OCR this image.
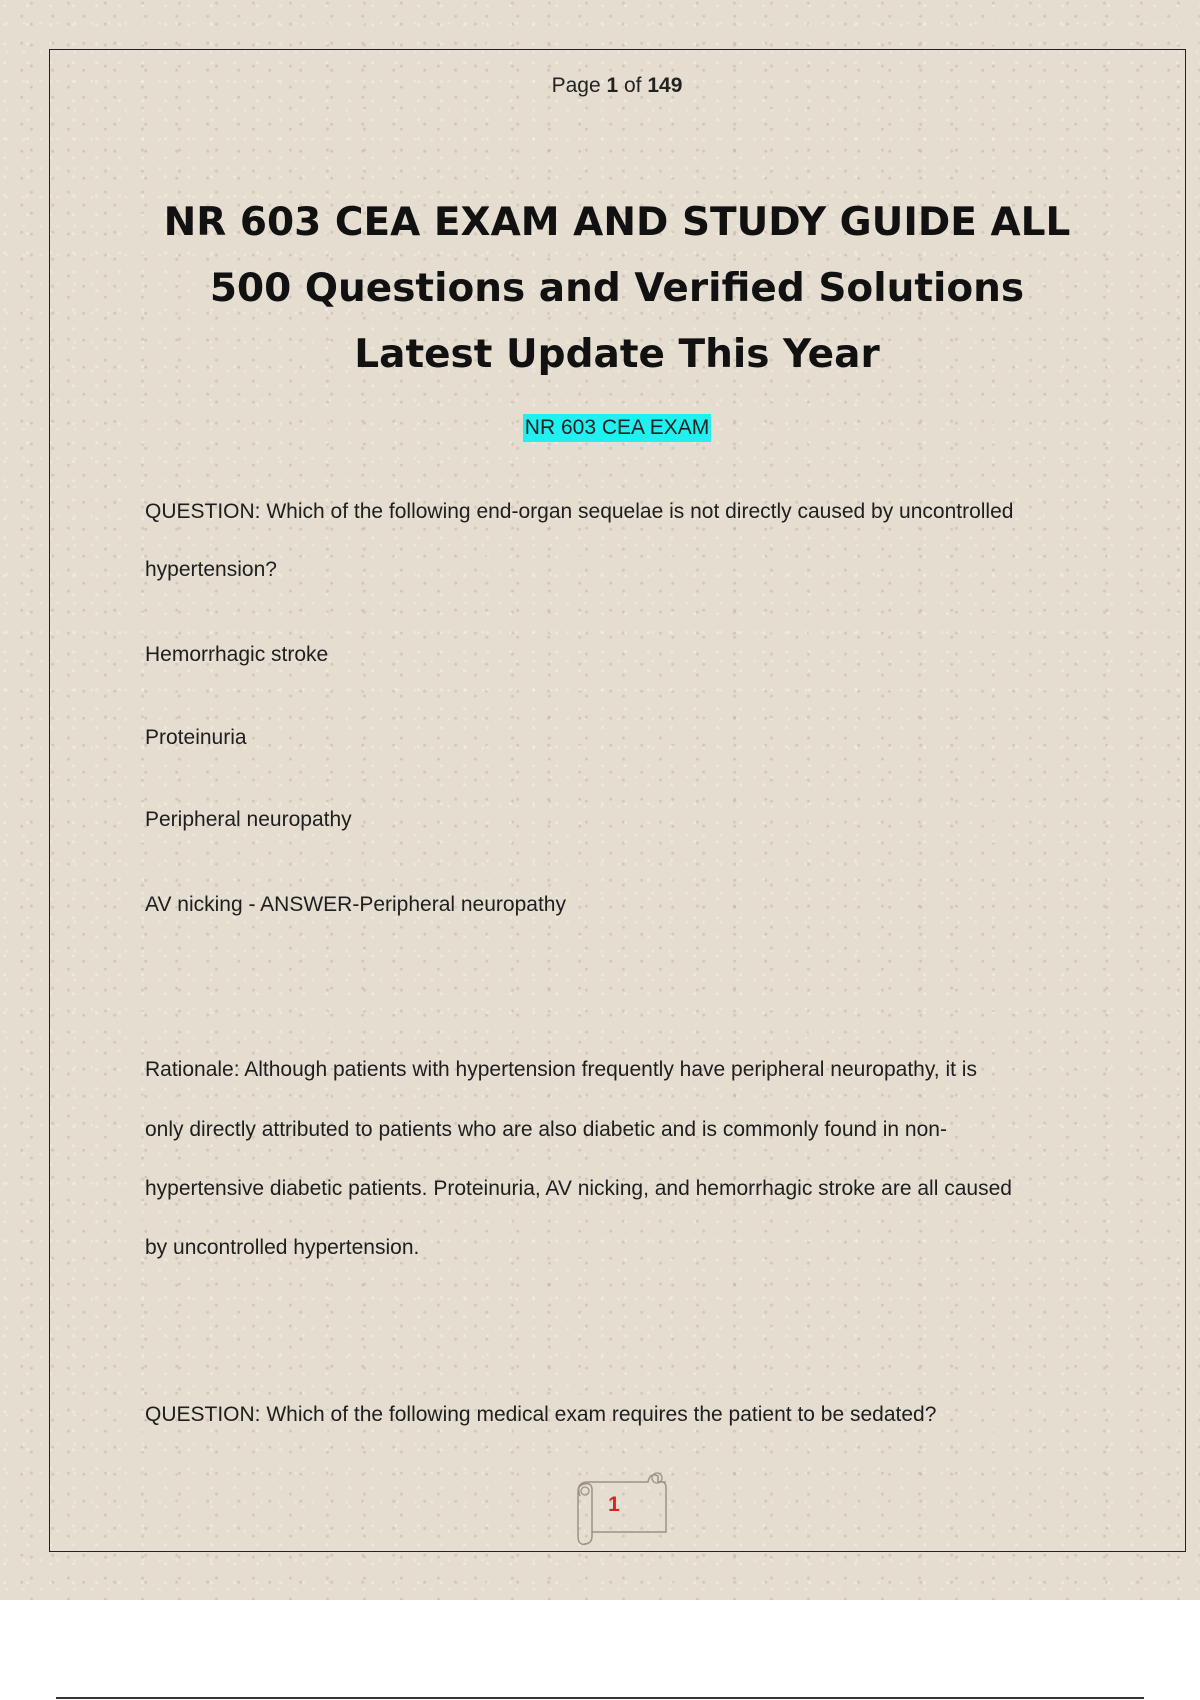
Page 1 of 149
NR 603 CEA EXAM AND STUDY GUIDE ALL
500 Questions and Verified Solutions
Latest Update This Year
NR 603 CEA EXAM
QUESTION: Which of the following end-organ sequelae is not directly caused by uncontrolled
hypertension?
Hemorrhagic stroke
Proteinuria
Peripheral neuropathy
AV nicking - ANSWER-Peripheral neuropathy
Rationale: Although patients with hypertension frequently have peripheral neuropathy, it is
only directly attributed to patients who are also diabetic and is commonly found in non-
hypertensive diabetic patients. Proteinuria, AV nicking, and hemorrhagic stroke are all caused
by uncontrolled hypertension.
QUESTION: Which of the following medical exam requires the patient to be sedated?
1
